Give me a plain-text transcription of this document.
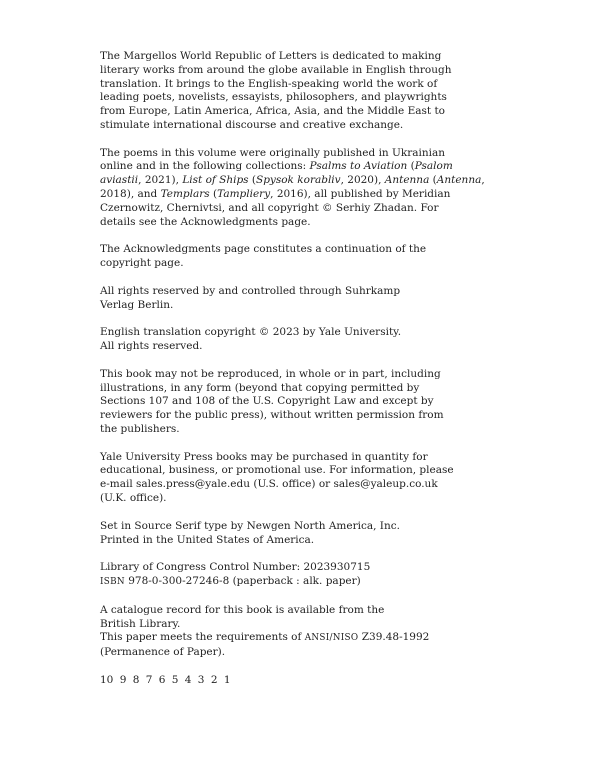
The Margellos World Republic of Letters is dedicated to making
literary works from around the globe available in English through
translation. It brings to the English-speaking world the work of
leading poets, novelists, essayists, philosophers, and playwrights
from Europe, Latin America, Africa, Asia, and the Middle East to
stimulate international discourse and creative exchange.

The poems in this volume were originally published in Ukrainian
online and in the following collections: Psalms to Aviation (Psalom
aviastii, 2021), List of Ships (Spysok korabliv, 2020), Antenna (Antenna,
2018), and Templars (Tampliery, 2016), all published by Meridian
Czernowitz, Chernivtsi, and all copyright © Serhiy Zhadan. For
details see the Acknowledgments page.

The Acknowledgments page constitutes a continuation of the
copyright page.

All rights reserved by and controlled through Suhrkamp
Verlag Berlin.

English translation copyright © 2023 by Yale University.
All rights reserved.

This book may not be reproduced, in whole or in part, including
illustrations, in any form (beyond that copying permitted by
Sections 107 and 108 of the U.S. Copyright Law and except by
reviewers for the public press), without written permission from
the publishers.

Yale University Press books may be purchased in quantity for
educational, business, or promotional use. For information, please
e-mail sales.press@yale.edu (U.S. office) or sales@yaleup.co.uk
(U.K. office).

Set in Source Serif type by Newgen North America, Inc.
Printed in the United States of America.

Library of Congress Control Number: 2023930715
ISBN 978-0-300-27246-8 (paperback : alk. paper)

A catalogue record for this book is available from the
British Library.
This paper meets the requirements of ANSI/NISO Z39.48-1992
(Permanence of Paper).

10 9 8 7 6 5 4 3 2 1
